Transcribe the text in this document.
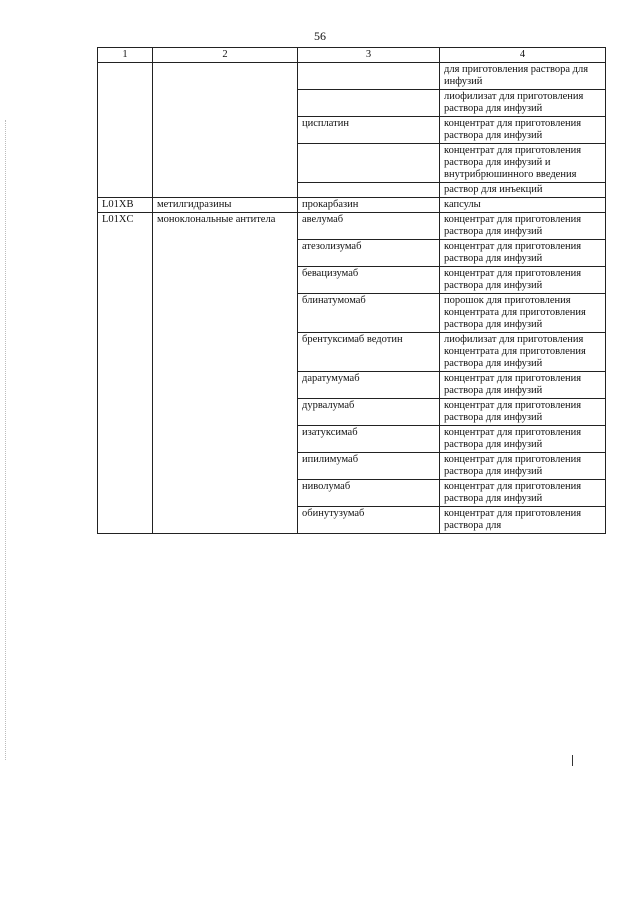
56
1	2	3	4
			для приготовления раствора для инфузий
			лиофилизат для приготовления раствора для инфузий
		цисплатин	концентрат для приготовления раствора для инфузий
			концентрат для приготовления раствора для инфузий и внутрибрюшинного введения
			раствор для инъекций
L01XB	метилгидразины	прокарбазин	капсулы
L01XC	моноклональные антитела	авелумаб	концентрат для приготовления раствора для инфузий
		атезолизумаб	концентрат для приготовления раствора для инфузий
		бевацизумаб	концентрат для приготовления раствора для инфузий
		блинатумомаб	порошок для приготовления концентрата для приготовления раствора для инфузий
		брентуксимаб ведотин	лиофилизат для приготовления концентрата для приготовления раствора для инфузий
		даратумумаб	концентрат для приготовления раствора для инфузий
		дурвалумаб	концентрат для приготовления раствора для инфузий
		изатуксимаб	концентрат для приготовления раствора для инфузий
		ипилимумаб	концентрат для приготовления раствора для инфузий
		ниволумаб	концентрат для приготовления раствора для инфузий
		обинутузумаб	концентрат для приготовления раствора для
